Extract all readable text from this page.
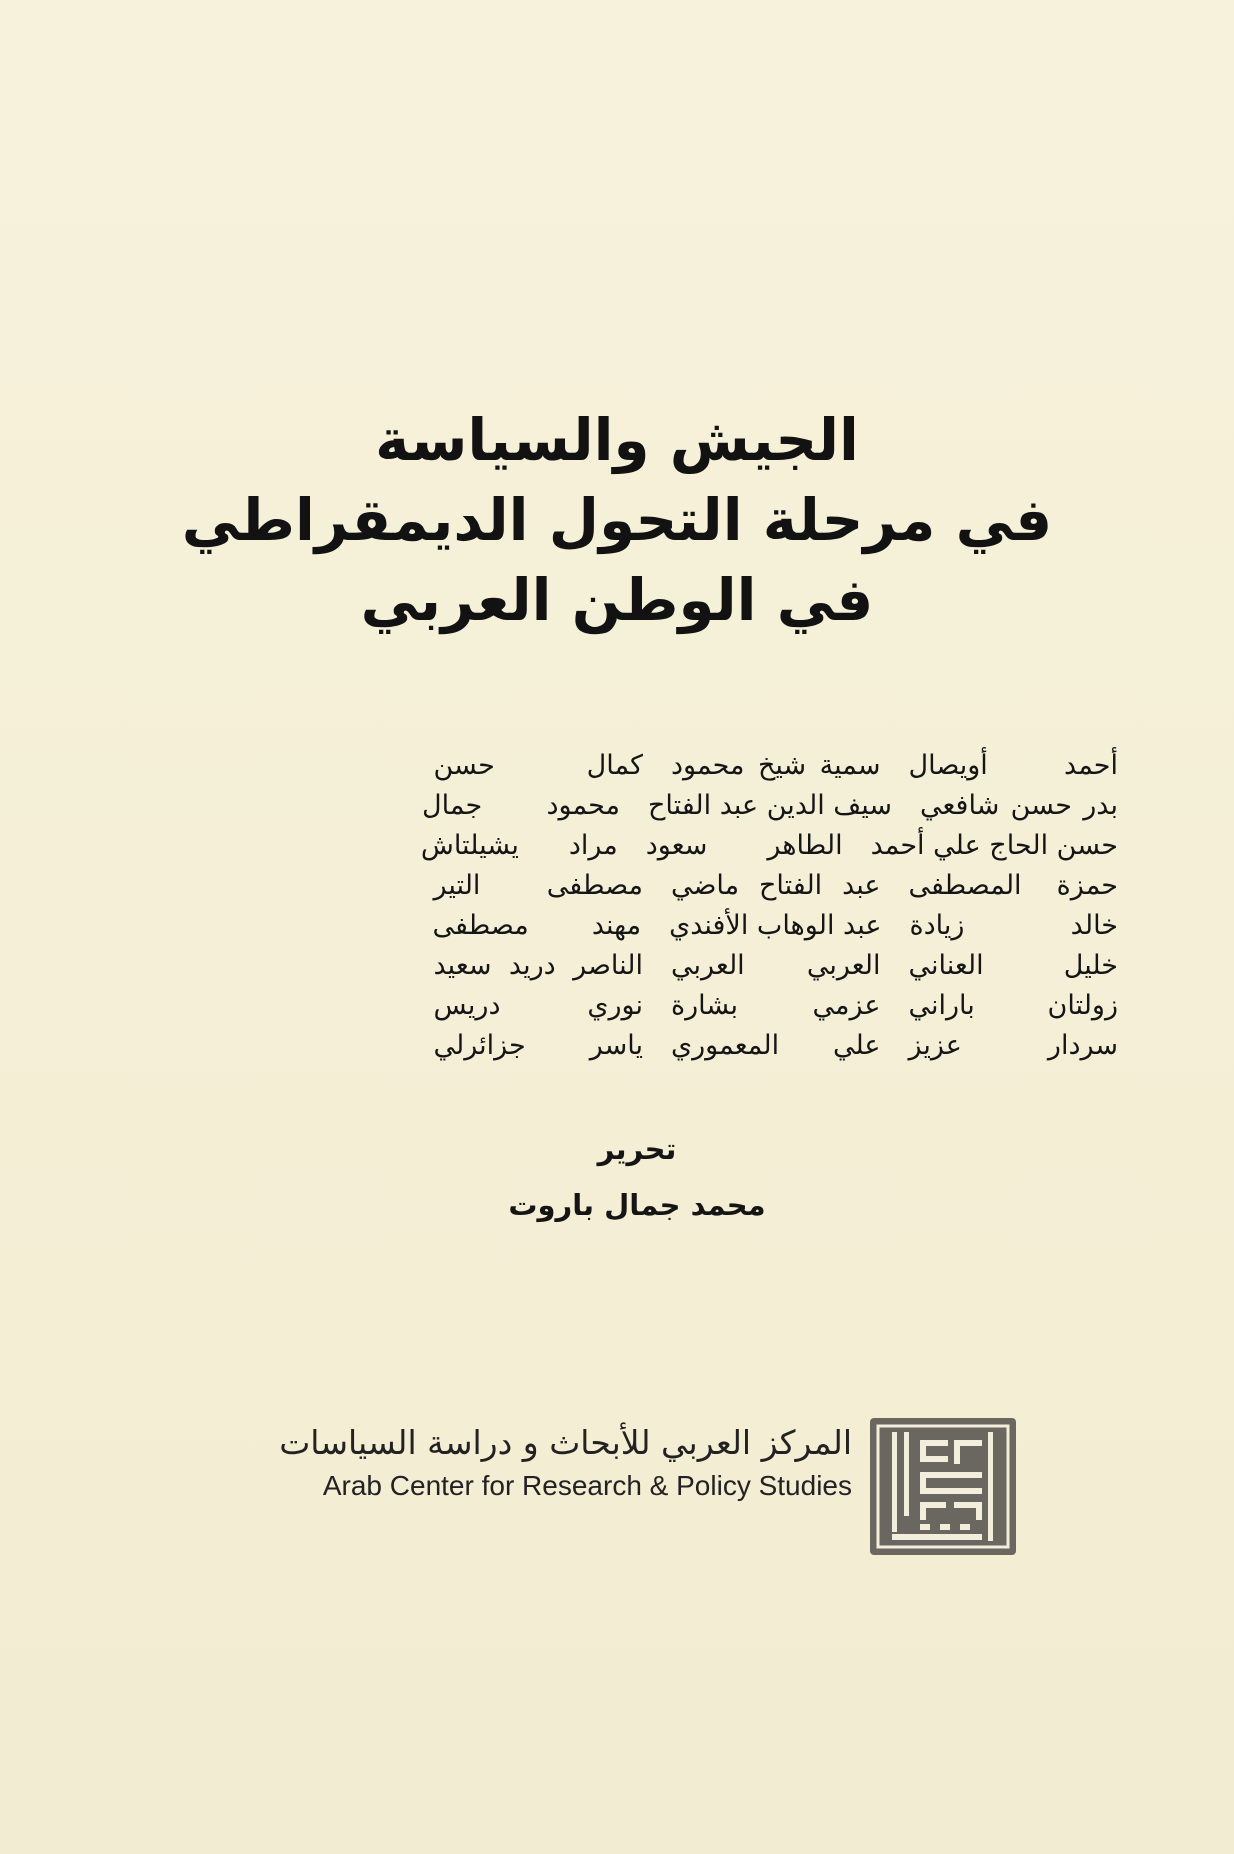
الجيش والسياسة
في مرحلة التحول الديمقراطي
في الوطن العربي
أحمد أويصال
سمية شيخ محمود
كمال حسن
بدر حسن شافعي
سيف الدين عبد الفتاح
محمود جمال
حسن الحاج علي أحمد
الطاهر سعود
مراد يشيلتاش
حمزة المصطفى
عبد الفتاح ماضي
مصطفى التير
خالد زيادة
عبد الوهاب الأفندي
مهند مصطفى
خليل العناني
العربي العربي
الناصر دريد سعيد
زولتان باراني
عزمي بشارة
نوري دريس
سردار عزيز
علي المعموري
ياسر جزائرلي
تحرير
محمد جمال باروت
المركز العربي للأبحاث و دراسة السياسات
Arab Center for Research & Policy Studies
